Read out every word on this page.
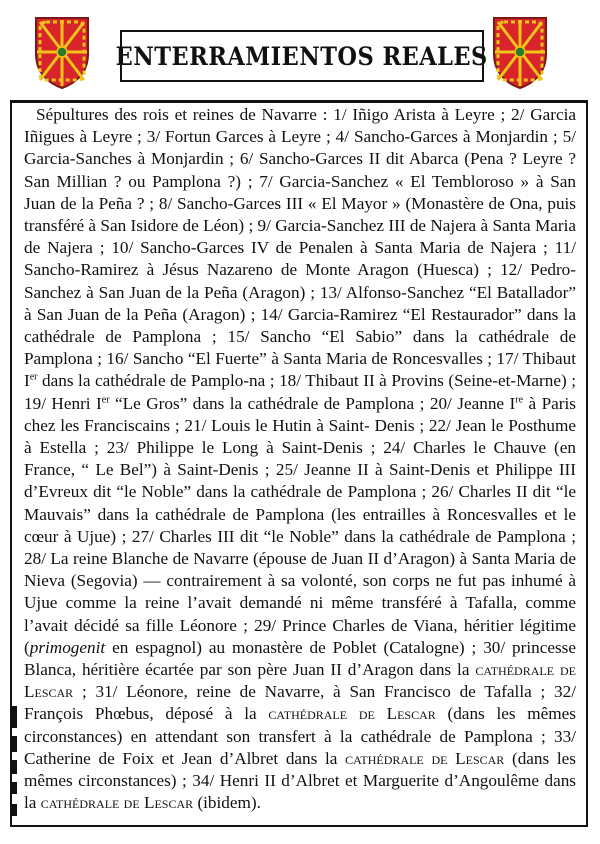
ENTERRAMIENTOS REALES
Sépultures des rois et reines de Navarre : 1/ Iñigo Arista à Leyre ; 2/ Garcia Iñigues à Leyre ; 3/ Fortun Garces à Leyre ; 4/ Sancho-Garces à Monjardin ; 5/ Garcia-Sanches à Monjardin ; 6/ Sancho-Garces II dit Abarca (Pena ? Leyre ? San Millian ? ou Pamplona ?) ; 7/ Garcia-Sanchez « El Tembloroso » à San Juan de la Peña ? ; 8/ Sancho-Garces III « El Mayor » (Monastère de Ona, puis transféré à San Isidore de Léon) ; 9/ Garcia-Sanchez III de Najera à Santa Maria de Najera ; 10/ Sancho-Garces IV de Penalen à Santa Maria de Najera ; 11/ Sancho-Ramirez à Jésus Nazareno de Monte Aragon (Huesca) ; 12/ Pedro-Sanchez à San Juan de la Peña (Aragon) ; 13/ Alfonso-Sanchez “El Batallador” à San Juan de la Peña (Aragon) ; 14/ Garcia-Ramirez “El Restaurador” dans la cathédrale de Pamplona ; 15/ Sancho “El Sabio” dans la cathédrale de Pamplona ; 16/ Sancho “El Fuerte” à Santa Maria de Roncesvalles ; 17/ Thibaut Ier dans la cathédrale de Pamplo-na ; 18/ Thibaut II à Provins (Seine-et-Marne) ; 19/ Henri Ier “Le Gros” dans la cathédrale de Pamplona ; 20/ Jeanne Ire à Paris chez les Franciscains ; 21/ Louis le Hutin à Saint- Denis ; 22/ Jean le Posthume à Estella ; 23/ Philippe le Long à Saint-Denis ; 24/ Charles le Chauve (en France, “ Le Bel”) à Saint-Denis ; 25/ Jeanne II à Saint-Denis et Philippe III d’Evreux dit “le Noble” dans la cathédrale de Pamplona ; 26/ Charles II dit “le Mauvais” dans la cathédrale de Pamplona (les entrailles à Roncesvalles et le cœur à Ujue) ; 27/ Charles III dit “le Noble” dans la cathédrale de Pamplona ; 28/ La reine Blanche de Navarre (épouse de Juan II d’Aragon) à Santa Maria de Nieva (Segovia) — contrairement à sa volonté, son corps ne fut pas inhumé à Ujue comme la reine l’avait demandé ni même transféré à Tafalla, comme l’avait décidé sa fille Léonore ; 29/ Prince Charles de Viana, héritier légitime (primogenit en espagnol) au monastère de Poblet (Catalogne) ; 30/ princesse Blanca, héritière écartée par son père Juan II d’Aragon dans la cathédrale de Lescar ; 31/ Léonore, reine de Navarre, à San Francisco de Tafalla ; 32/ François Phœbus, déposé à la cathédrale de Lescar (dans les mêmes circonstances) en attendant son transfert à la cathédrale de Pamplona ; 33/ Catherine de Foix et Jean d’Albret dans la cathédrale de Lescar (dans les mêmes circonstances) ; 34/ Henri II d’Albret et Marguerite d’Angoulême dans la cathédrale de Lescar (ibidem).
